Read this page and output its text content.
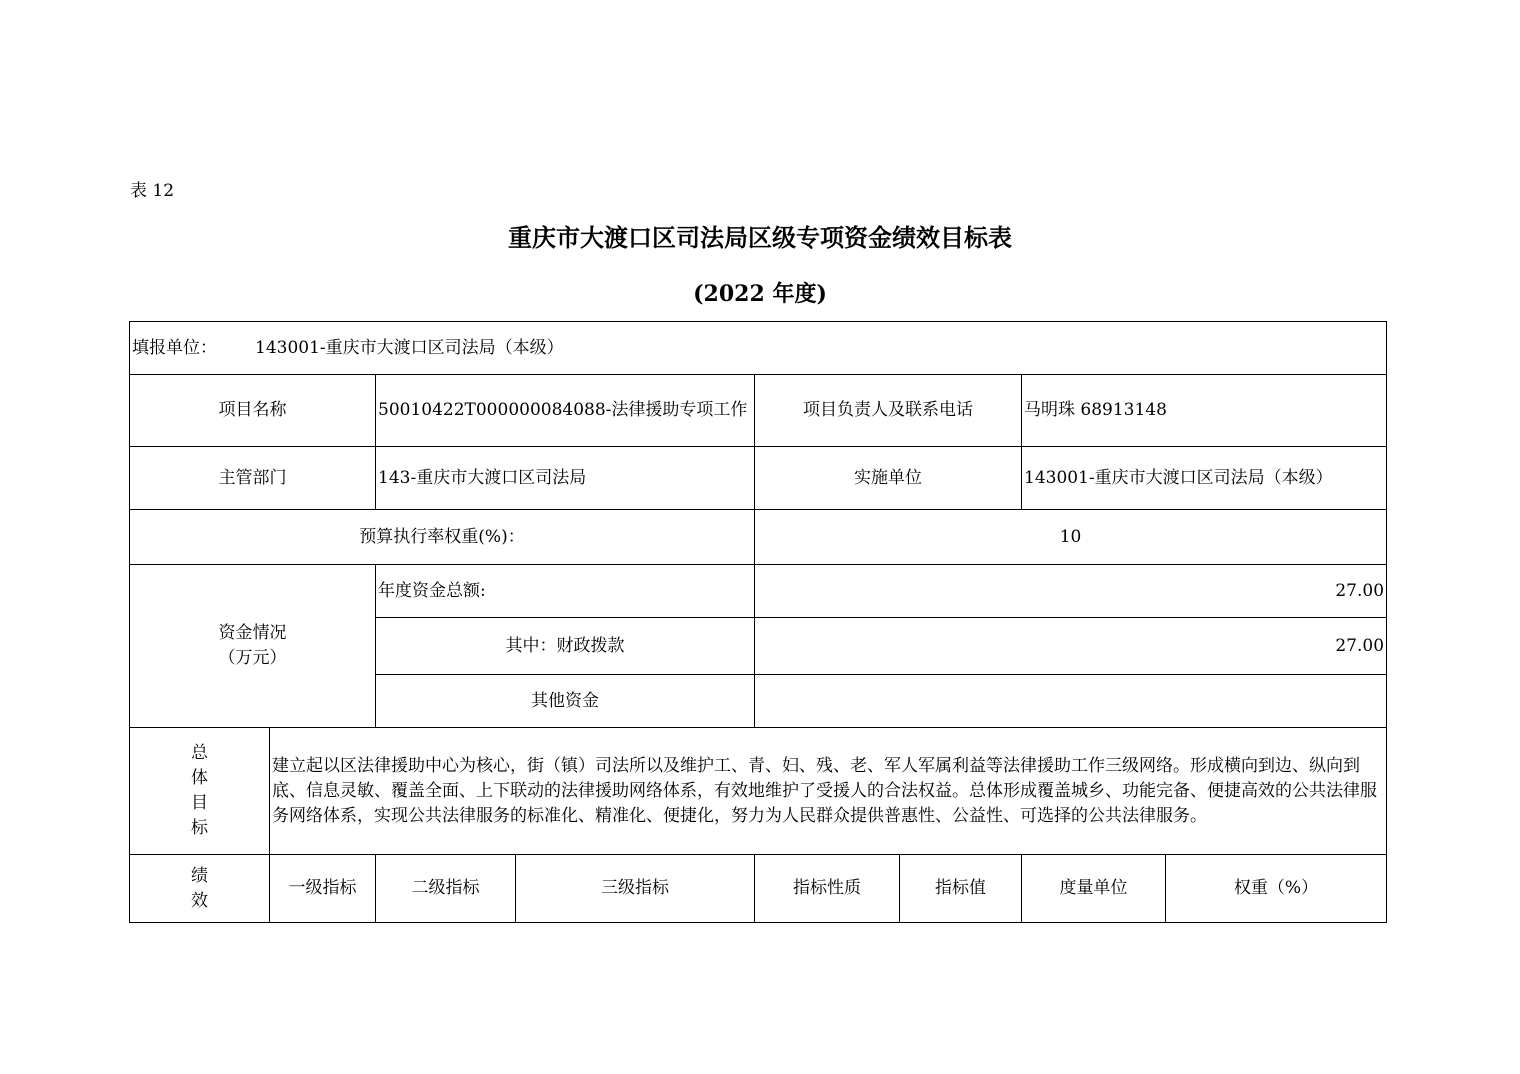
表 12
重庆市大渡口区司法局区级专项资金绩效目标表
(2022 年度)
填报单位： 143001-重庆市大渡口区司法局（本级）							
项目名称		50010422T000000084088-法律援助专项工作		项目负责人及联系电话		马明珠 68913148	
主管部门		143-重庆市大渡口区司法局		实施单位		143001-重庆市大渡口区司法局（本级）	
预算执行率权重(%)：				10			

资金情况
（万元）		年度资金总额:		27.00			
		其中：财政拨款		27.00			
		其他资金					

总
体
目
标	建立起以区法律援助中心为核心，街（镇）司法所以及维护工、青、妇、残、老、军人军属利益等法律援助工作三级网络。形成横向到边、纵向到底、信息灵敏、覆盖全面、上下联动的法律援助网络体系，有效地维护了受援人的合法权益。总体形成覆盖城乡、功能完备、便捷高效的公共法律服务网络体系，实现公共法律服务的标准化、精准化、便捷化，努力为人民群众提供普惠性、公益性、可选择的公共法律服务。						

绩
效	一级指标	二级指标	三级指标	指标性质	指标值	度量单位	权重（%）
